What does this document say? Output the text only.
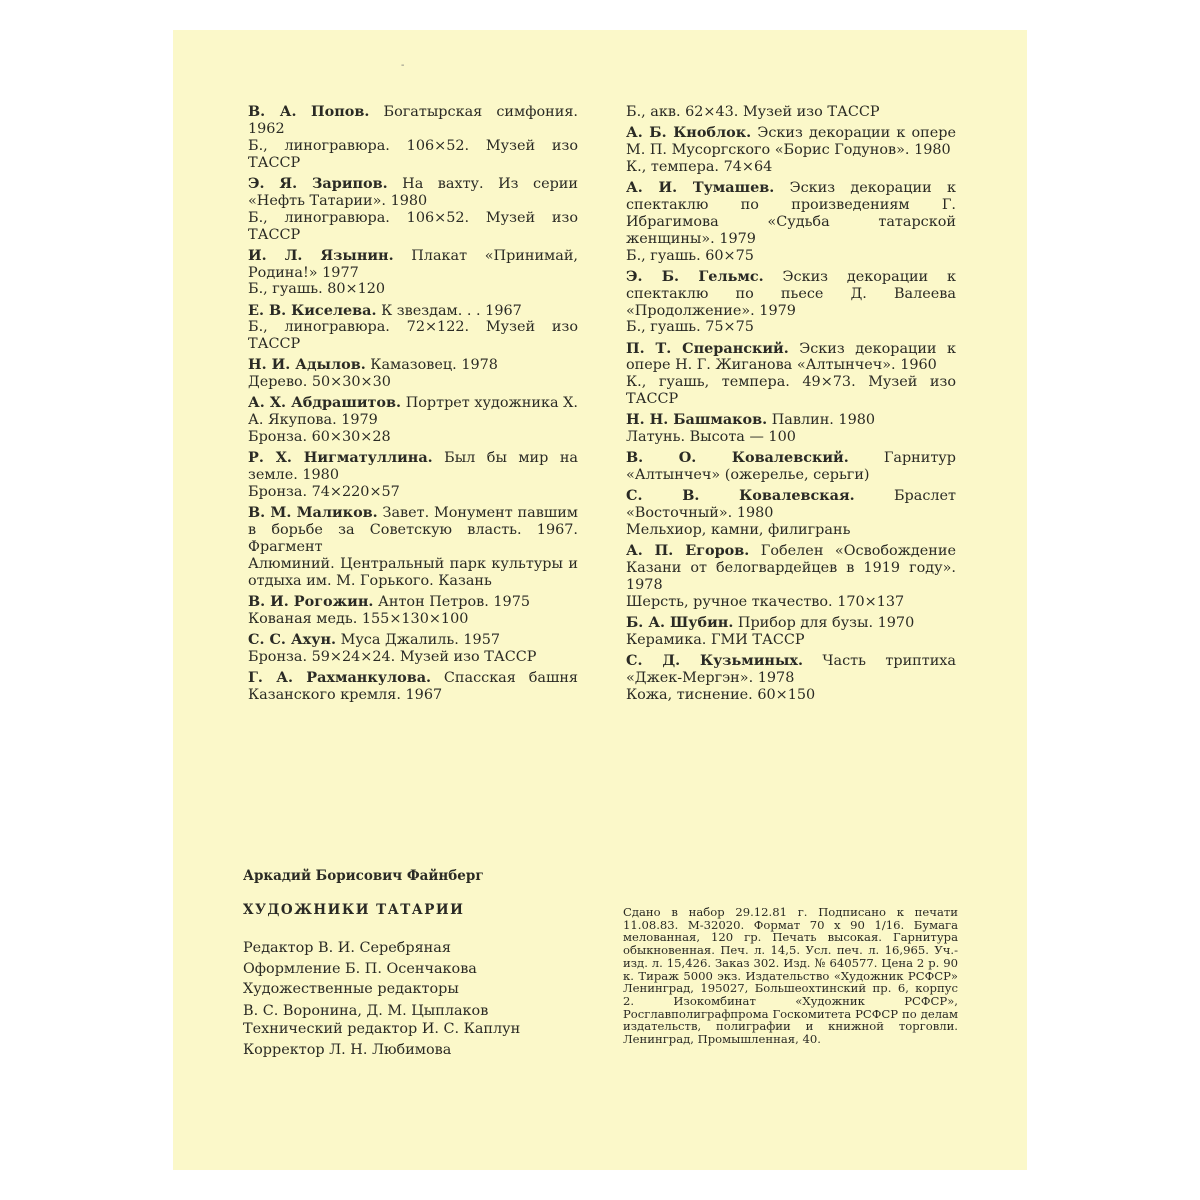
-
В. А. Попов. Богатырская симфония. 1962
Б., линогравюра. 106×52. Музей изо ТАССР
Э. Я. Зарипов. На вахту. Из серии «Нефть Татарии». 1980
Б., линогравюра. 106×52. Музей изо ТАССР
И. Л. Язынин. Плакат «Принимай, Родина!» 1977
Б., гуашь. 80×120
Е. В. Киселева. К звездам. . . 1967
Б., линогравюра. 72×122. Музей изо ТАССР
Н. И. Адылов. Камазовец. 1978
Дерево. 50×30×30
А. Х. Абдрашитов. Портрет художника Х. А. Якупова. 1979
Бронза. 60×30×28
Р. Х. Нигматуллина. Был бы мир на земле. 1980
Бронза. 74×220×57
В. М. Маликов. Завет. Монумент павшим в борьбе за Советскую власть. 1967. Фрагмент
Алюминий. Центральный парк культуры и отдыха им. М. Горького. Казань
В. И. Рогожин. Антон Петров. 1975
Кованая медь. 155×130×100
С. С. Ахун. Муса Джалиль. 1957
Бронза. 59×24×24. Музей изо ТАССР
Г. А. Рахманкулова. Спасская башня Казанского кремля. 1967
Б., акв. 62×43. Музей изо ТАССР
А. Б. Кноблок. Эскиз декорации к опере М. П. Мусоргского «Борис Годунов». 1980
К., темпера. 74×64
А. И. Тумашев. Эскиз декорации к спектаклю по произведениям Г. Ибрагимова «Судьба татарской женщины». 1979
Б., гуашь. 60×75
Э. Б. Гельмс. Эскиз декорации к спектаклю по пьесе Д. Валеева «Продолжение». 1979
Б., гуашь. 75×75
П. Т. Сперанский. Эскиз декорации к опере Н. Г. Жиганова «Алтынчеч». 1960
К., гуашь, темпера. 49×73. Музей изо ТАССР
Н. Н. Башмаков. Павлин. 1980
Латунь. Высота — 100
В. О. Ковалевский. Гарнитур «Алтынчеч» (ожерелье, серьги)
С. В. Ковалевская. Браслет «Восточный». 1980
Мельхиор, камни, филигрань
А. П. Егоров. Гобелен «Освобождение Казани от белогвардейцев в 1919 году». 1978
Шерсть, ручное ткачество. 170×137
Б. А. Шубин. Прибор для бузы. 1970
Керамика. ГМИ ТАССР
С. Д. Кузьминых. Часть триптиха «Джек-Мергэн». 1978
Кожа, тиснение. 60×150
Аркадий Борисович Файнберг
ХУДОЖНИКИ ТАТАРИИ
Редактор В. И. Серебряная
Оформление Б. П. Осенчакова
Художественные редакторы
В. С. Воронина, Д. М. Цыплаков
Технический редактор И. С. Каплун
Корректор Л. Н. Любимова
Сдано в набор 29.12.81 г. Подписано к печати 11.08.83. М-32020. Формат 70 x 90 1/16. Бумага мелованная, 120 гр. Печать высокая. Гарнитура обыкновенная. Печ. л. 14,5. Усл. печ. л. 16,965. Уч.-изд. л. 15,426. Заказ 302. Изд. № 640577. Цена 2 р. 90 к. Тираж 5000 экз. Издательство «Художник РСФСР» Ленинград, 195027, Большеохтинский пр. 6, корпус 2. Изокомбинат «Художник РСФСР», Росглавполиграфпрома Госкомитета РСФСР по делам издательств, полиграфии и книжной торговли. Ленинград, Промышленная, 40.
